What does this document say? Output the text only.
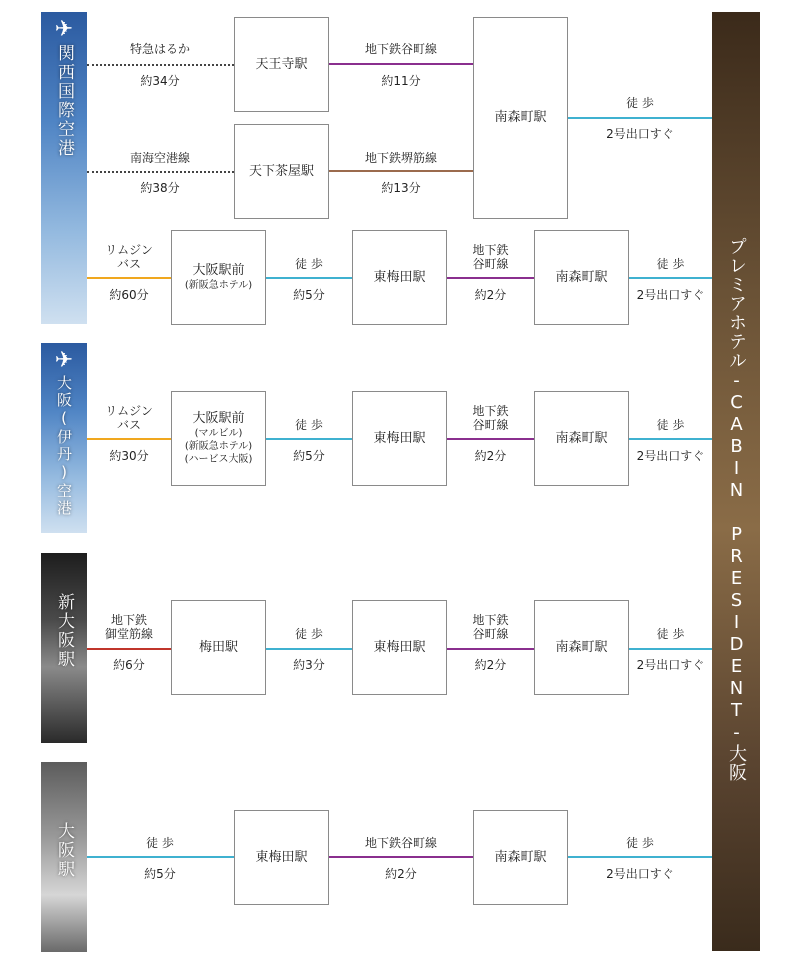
プレミアホテル-CABIN PRESIDENT-大阪
✈
関西国際空港	特急はるか
約34分
天王寺駅
地下鉄谷町線
約11分
南海空港線
約38分
天下茶屋駅
地下鉄堺筋線
約13分
南森町駅
徒 歩
2号出口すぐ
リムジン
バス
約60分
大阪駅前
(新阪急ホテル)
徒 歩
約5分
東梅田駅
地下鉄
谷町線
約2分
南森町駅
徒 歩
2号出口すぐ
✈
大阪(伊丹)空港	リムジン
バス
約30分
大阪駅前
(マルビル)
(新阪急ホテル)
(ハービス大阪)
徒 歩
約5分
東梅田駅
地下鉄
谷町線
約2分
南森町駅
徒 歩
2号出口すぐ
新大阪駅	地下鉄
御堂筋線
約6分
梅田駅
徒 歩
約3分
東梅田駅
地下鉄
谷町線
約2分
南森町駅
徒 歩
2号出口すぐ
大阪駅	徒 歩
約5分
東梅田駅
地下鉄谷町線
約2分
南森町駅
徒 歩
2号出口すぐ
